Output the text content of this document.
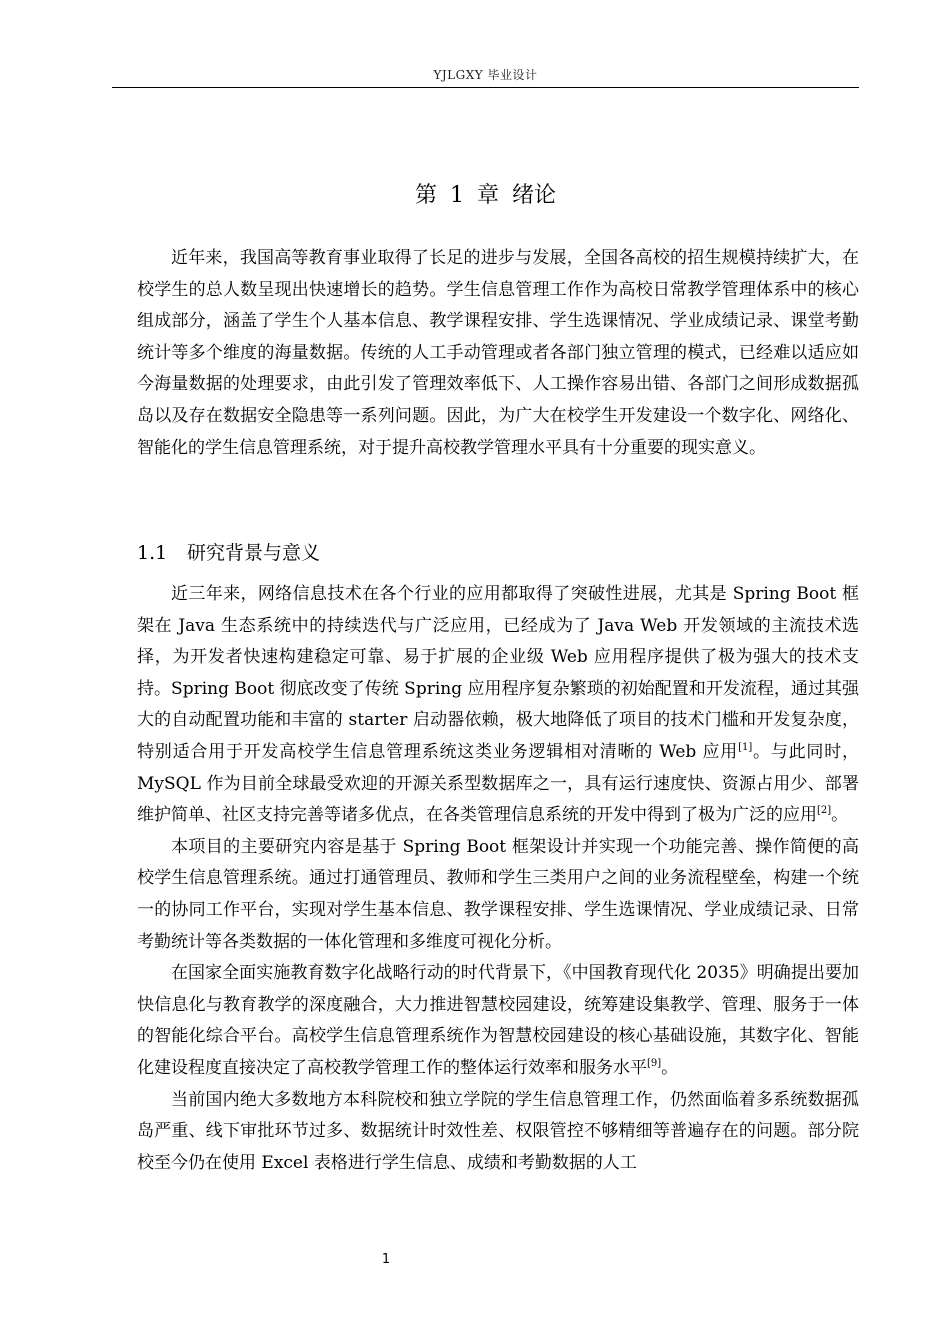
YJLGXY 毕业设计
第 1 章 绪论

近年来，我国高等教育事业取得了长足的进步与发展，全国各高校的招生规模持续扩大，在校学生的总人数呈现出快速增长的趋势。学生信息管理工作作为高校日常教学管理体系中的核心组成部分，涵盖了学生个人基本信息、教学课程安排、学生选课情况、学业成绩记录、课堂考勤统计等多个维度的海量数据。传统的人工手动管理或者各部门独立管理的模式，已经难以适应如今海量数据的处理要求，由此引发了管理效率低下、人工操作容易出错、各部门之间形成数据孤岛以及存在数据安全隐患等一系列问题。因此，为广大在校学生开发建设一个数字化、网络化、智能化的学生信息管理系统，对于提升高校教学管理水平具有十分重要的现实意义。

1.1 研究背景与意义

近三年来，网络信息技术在各个行业的应用都取得了突破性进展，尤其是 Spring Boot 框架在 Java 生态系统中的持续迭代与广泛应用，已经成为了 Java Web 开发领域的主流技术选择，为开发者快速构建稳定可靠、易于扩展的企业级 Web 应用程序提供了极为强大的技术支持。Spring Boot 彻底改变了传统 Spring 应用程序复杂繁琐的初始配置和开发流程，通过其强大的自动配置功能和丰富的 starter 启动器依赖，极大地降低了项目的技术门槛和开发复杂度，特别适合用于开发高校学生信息管理系统这类业务逻辑相对清晰的 Web 应用[1]。与此同时，MySQL 作为目前全球最受欢迎的开源关系型数据库之一，具有运行速度快、资源占用少、部署维护简单、社区支持完善等诸多优点，在各类管理信息系统的开发中得到了极为广泛的应用[2]。

本项目的主要研究内容是基于 Spring Boot 框架设计并实现一个功能完善、操作简便的高校学生信息管理系统。通过打通管理员、教师和学生三类用户之间的业务流程壁垒，构建一个统一的协同工作平台，实现对学生基本信息、教学课程安排、学生选课情况、学业成绩记录、日常考勤统计等各类数据的一体化管理和多维度可视化分析。

在国家全面实施教育数字化战略行动的时代背景下，《中国教育现代化 2035》明确提出要加快信息化与教育教学的深度融合，大力推进智慧校园建设，统筹建设集教学、管理、服务于一体的智能化综合平台。高校学生信息管理系统作为智慧校园建设的核心基础设施，其数字化、智能化建设程度直接决定了高校教学管理工作的整体运行效率和服务水平[9]。

当前国内绝大多数地方本科院校和独立学院的学生信息管理工作，仍然面临着多系统数据孤岛严重、线下审批环节过多、数据统计时效性差、权限管控不够精细等普遍存在的问题。部分院校至今仍在使用 Excel 表格进行学生信息、成绩和考勤数据的人工

1
